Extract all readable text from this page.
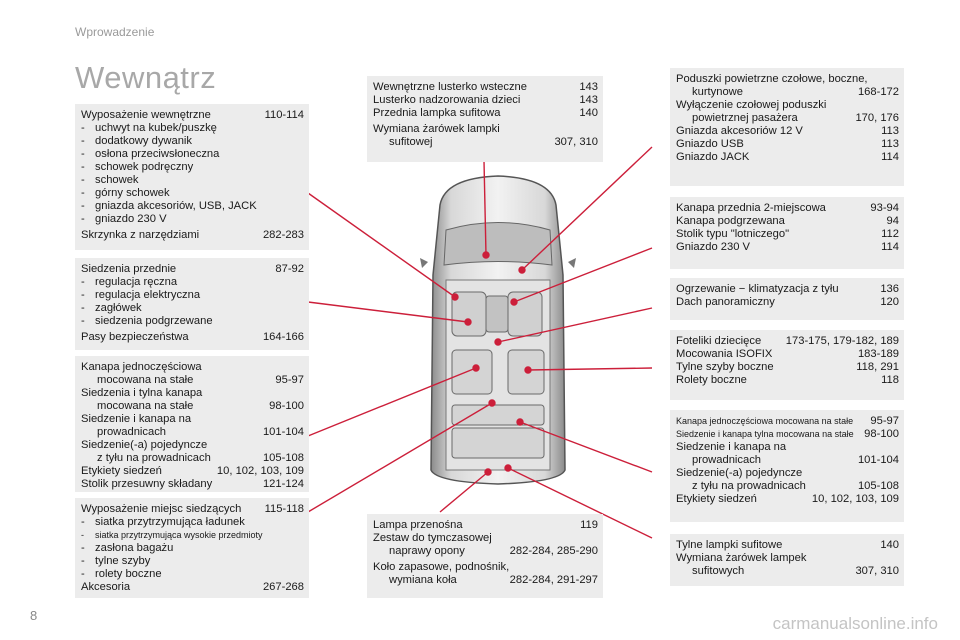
Wprowadzenie
Wewnątrz
Wyposażenie wewnętrzne	110-114
- uchwyt na kubek/puszkę
- dodatkowy dywanik
- osłona przeciwsłoneczna
- schowek podręczny
- schowek
- górny schowek
- gniazda akcesoriów, USB, JACK
- gniazdo 230 V
Skrzynka z narzędziami	282-283
Siedzenia przednie	87-92
- regulacja ręczna
- regulacja elektryczna
- zagłówek
- siedzenia podgrzewane
Pasy bezpieczeństwa	164-166
Kanapa jednoczęściowa
mocowana na stałe	95-97
Siedzenia i tylna kanapa
mocowana na stałe	98-100
Siedzenie i kanapa na
prowadnicach	101-104
Siedzenie(-a) pojedyncze
z tyłu na prowadnicach	105-108
Etykiety siedzeń	10, 102, 103, 109
Stolik przesuwny składany	121-124
Wyposażenie miejsc siedzących	115-118
- siatka przytrzymująca ładunek
- siatka przytrzymująca wysokie przedmioty
- zasłona bagażu
- tylne szyby
- rolety boczne
Akcesoria	267-268
Wewnętrzne lusterko wsteczne	143
Lusterko nadzorowania dzieci	143
Przednia lampka sufitowa	140
Wymiana żarówek lampki
sufitowej	307, 310
Lampa przenośna	119
Zestaw do tymczasowej
naprawy opony	282-284, 285-290
Koło zapasowe, podnośnik,
wymiana koła	282-284, 291-297
Poduszki powietrzne czołowe, boczne,
kurtynowe	168-172
Wyłączenie czołowej poduszki
powietrznej pasażera	170, 176
Gniazda akcesoriów 12 V	113
Gniazdo USB	113
Gniazdo JACK	114
Kanapa przednia 2-miejscowa	93-94
Kanapa podgrzewana	94
Stolik typu "lotniczego"	112
Gniazdo 230 V	114
Ogrzewanie − klimatyzacja z tyłu	136
Dach panoramiczny	120
Foteliki dziecięce	173-175, 179-182, 189
Mocowania ISOFIX	183-189
Tylne szyby boczne	118, 291
Rolety boczne	118
Kanapa jednoczęściowa mocowana na stałe	95-97
Siedzenie i kanapa tylna mocowana na stałe 98-100
Siedzenie i kanapa na
prowadnicach	101-104
Siedzenie(-a) pojedyncze
z tyłu na prowadnicach	105-108
Etykiety siedzeń	10, 102, 103, 109
Tylne lampki sufitowe	140
Wymiana żarówek lampek
sufitowych	307, 310
8	carmanualsonline.info
